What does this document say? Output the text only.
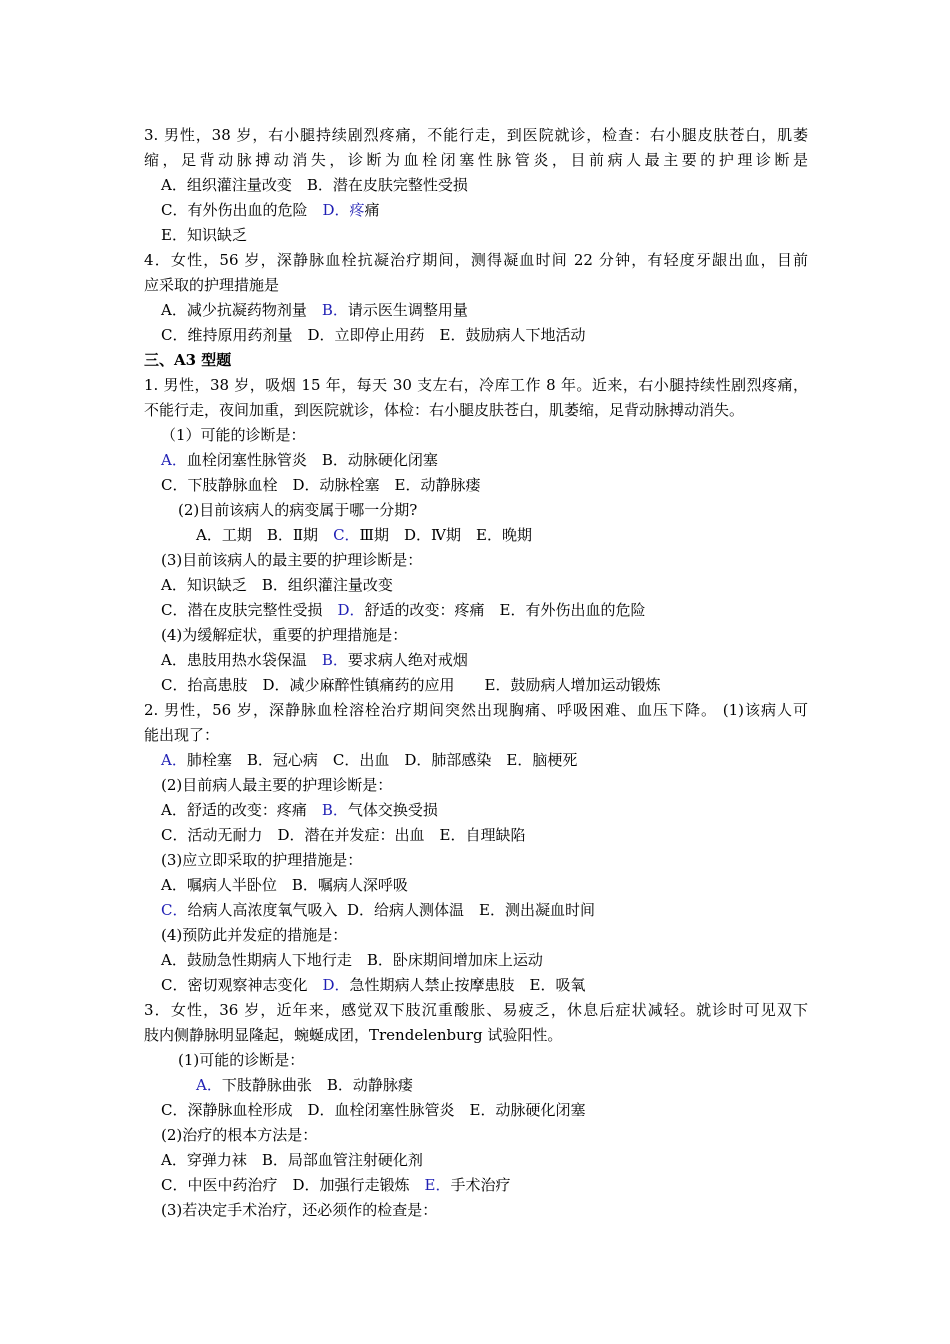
3. 男性，38 岁，右小腿持续剧烈疼痛，不能行走，到医院就诊，检查：右小腿皮肤苍白，肌萎
缩，足背动脉搏动消失，诊断为血栓闭塞性脉管炎，目前病人最主要的护理诊断是
A．组织灌注量改变　B．潜在皮肤完整性受损
C．有外伤出血的危险　D．疼痛
E．知识缺乏
4．女性，56 岁，深静脉血栓抗凝治疗期间，测得凝血时间 22 分钟，有轻度牙龈出血，目前
应采取的护理措施是
A．减少抗凝药物剂量　B．请示医生调整用量
C．维持原用药剂量　D．立即停止用药　E．鼓励病人下地活动
三、A3 型题
1. 男性，38 岁，吸烟 15 年，每天 30 支左右，冷库工作 8 年。近来，右小腿持续性剧烈疼痛，
不能行走，夜间加重，到医院就诊，体检：右小腿皮肤苍白，肌萎缩，足背动脉搏动消失。
（1）可能的诊断是：
A．血栓闭塞性脉管炎　B．动脉硬化闭塞
C．下肢静脉血栓　D．动脉栓塞　E．动静脉瘘
(2)目前该病人的病变属于哪一分期?
A．工期　B．Ⅱ期　C．Ⅲ期　D．Ⅳ期　E．晚期
(3)目前该病人的最主要的护理诊断是：
A．知识缺乏　B．组织灌注量改变
C．潜在皮肤完整性受损　D．舒适的改变：疼痛　E．有外伤出血的危险
(4)为缓解症状，重要的护理措施是：
A．患肢用热水袋保温　B．要求病人绝对戒烟
C．抬高患肢　D．减少麻醉性镇痛药的应用　　E．鼓励病人增加运动锻炼
2. 男性，56 岁，深静脉血栓溶栓治疗期间突然出现胸痛、呼吸困难、血压下降。 (1)该病人可
能出现了：
A．肺栓塞　B．冠心病　C．出血　D．肺部感染　E．脑梗死
(2)目前病人最主要的护理诊断是：
A．舒适的改变：疼痛　B．气体交换受损
C．活动无耐力　D．潜在并发症：出血　E．自理缺陷
(3)应立即采取的护理措施是：
A．嘱病人半卧位　B．嘱病人深呼吸
C．给病人高浓度氧气吸入  D．给病人测体温　E．测出凝血时间
(4)预防此并发症的措施是：
A．鼓励急性期病人下地行走　B．卧床期间增加床上运动
C．密切观察神志变化　D．急性期病人禁止按摩患肢　E．吸氧
3．女性，36 岁，近年来，感觉双下肢沉重酸胀、易疲乏，休息后症状减轻。就诊时可见双下
肢内侧静脉明显隆起，蜿蜒成团，Trendelenburg 试验阳性。
(1)可能的诊断是：
A．下肢静脉曲张　B．动静脉瘘
C．深静脉血栓形成　D．血栓闭塞性脉管炎　E．动脉硬化闭塞
(2)治疗的根本方法是：
A．穿弹力袜　B．局部血管注射硬化剂
C．中医中药治疗　D．加强行走锻炼　E．手术治疗
(3)若决定手术治疗，还必须作的检查是：
